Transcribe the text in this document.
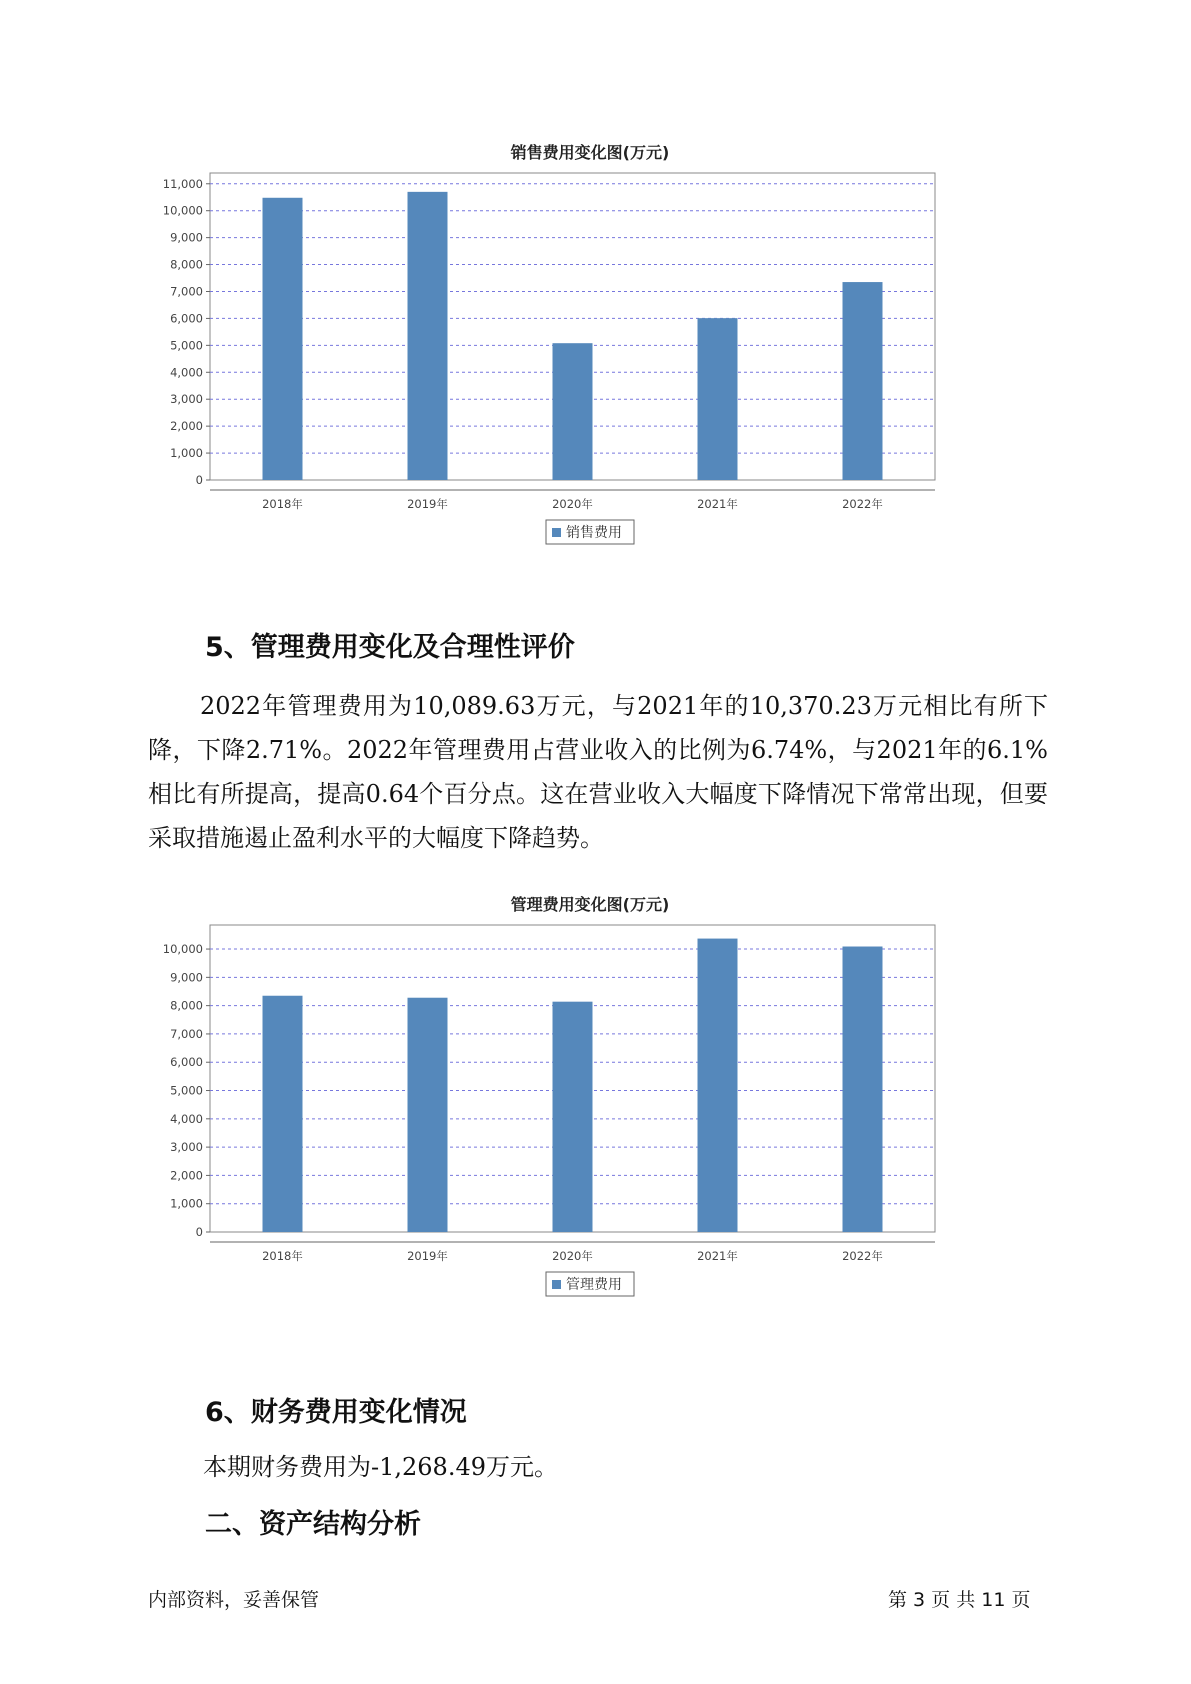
销售费用变化图(万元)
0
1,000
2,000
3,000
4,000
5,000
6,000
7,000
8,000
9,000
10,000
11,000
2018年	2019年	2020年	2021年	2022年
销售费用
5、管理费用变化及合理性评价

2022年管理费用为10,089.63万元，与2021年的10,370.23万元相比有所下降，下降2.71%。2022年管理费用占营业收入的比例为6.74%，与2021年的6.1%相比有所提高，提高0.64个百分点。这在营业收入大幅度下降情况下常常出现，但要采取措施遏止盈利水平的大幅度下降趋势。

管理费用变化图(万元)
0
1,000
2,000
3,000
4,000
5,000
6,000
7,000
8,000
9,000
10,000
2018年	2019年	2020年	2021年	2022年
管理费用
6、财务费用变化情况

本期财务费用为-1,268.49万元。

二、资产结构分析
内部资料，妥善保管	第 3 页 共 11 页
